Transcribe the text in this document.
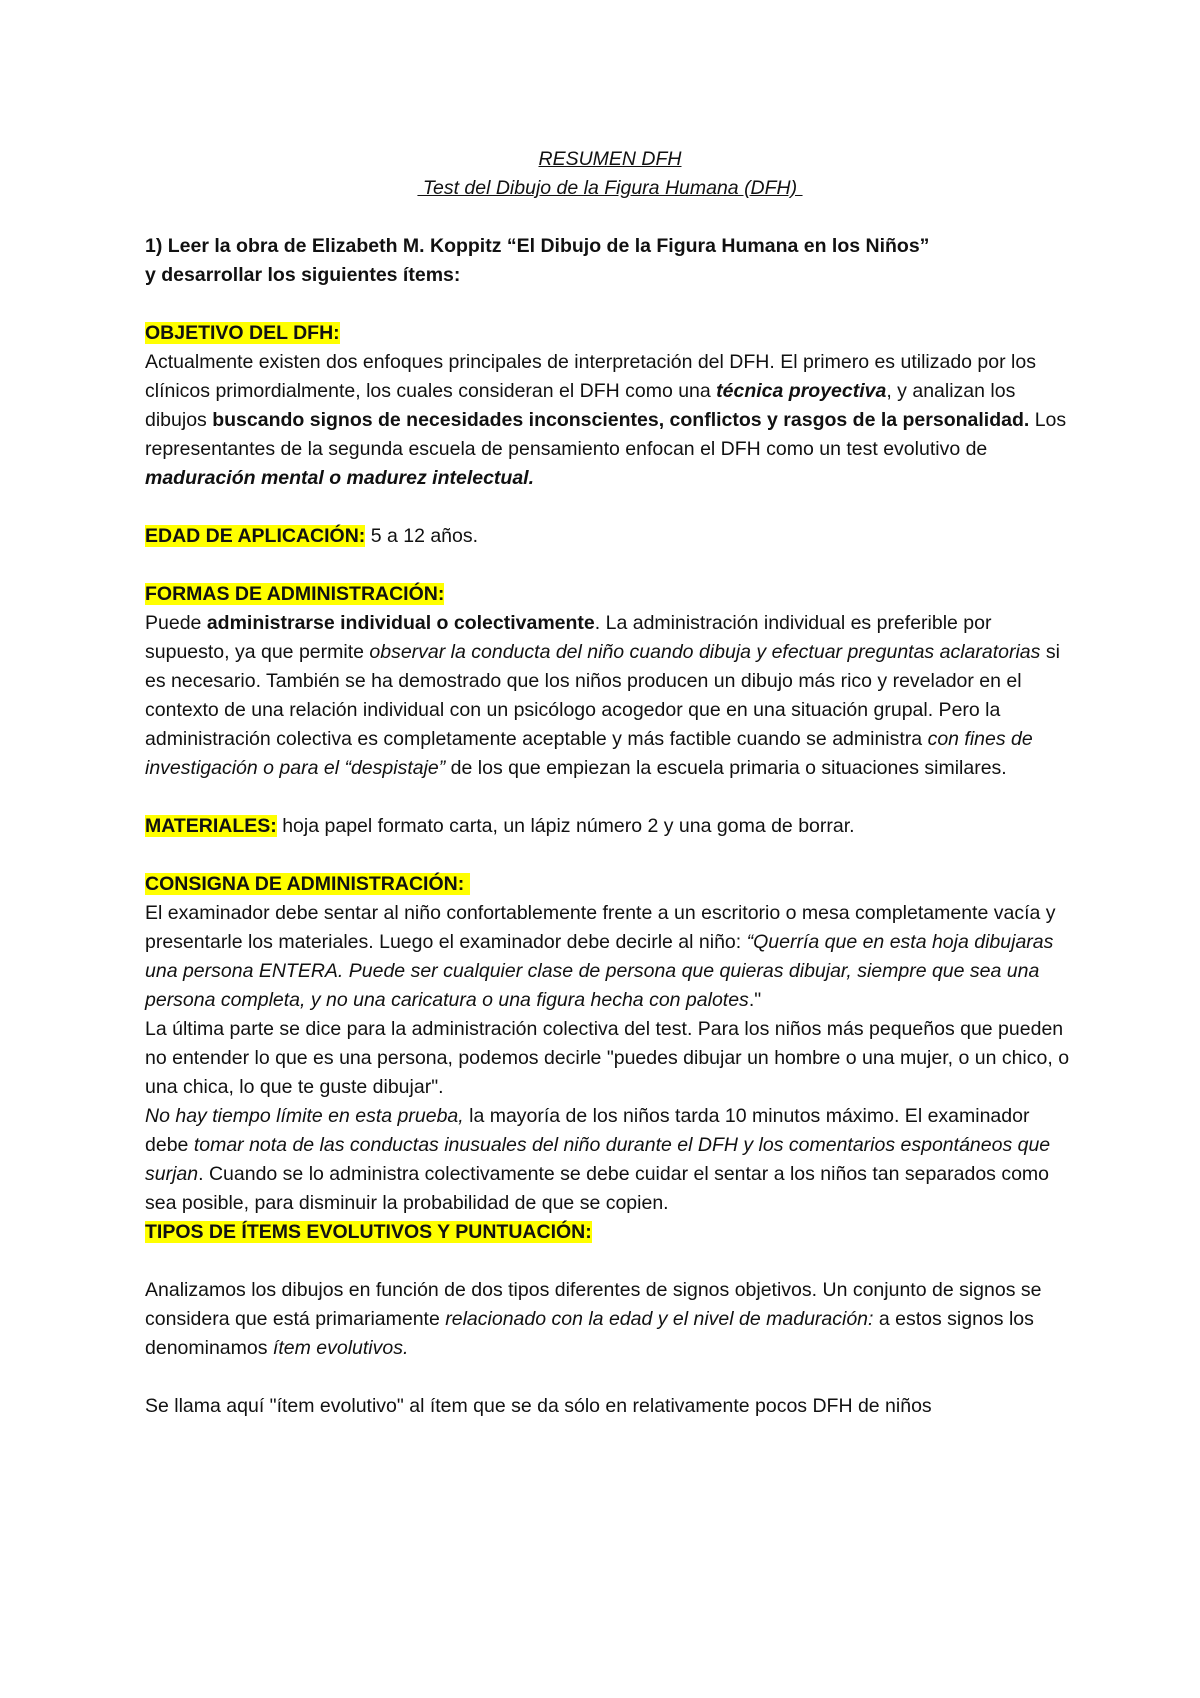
RESUMEN DFH

Test del Dibujo de la Figura Humana (DFH)

1) Leer la obra de Elizabeth M. Koppitz “El Dibujo de la Figura Humana en los Niños”
y desarrollar los siguientes ítems:

OBJETIVO DEL DFH:

Actualmente existen dos enfoques principales de interpretación del DFH. El primero es utilizado por los clínicos primordialmente, los cuales consideran el DFH como una técnica proyectiva, y analizan los dibujos buscando signos de necesidades inconscientes, conflictos y rasgos de la personalidad. Los representantes de la segunda escuela de pensamiento enfocan el DFH como un test evolutivo de maduración mental o madurez intelectual.

EDAD DE APLICACIÓN: 5 a 12 años.

FORMAS DE ADMINISTRACIÓN:

Puede administrarse individual o colectivamente. La administración individual es preferible por supuesto, ya que permite observar la conducta del niño cuando dibuja y efectuar preguntas aclaratorias si es necesario. También se ha demostrado que los niños producen un dibujo más rico y revelador en el contexto de una relación individual con un psicólogo acogedor que en una situación grupal. Pero la administración colectiva es completamente aceptable y más factible cuando se administra con fines de investigación o para el “despistaje” de los que empiezan la escuela primaria o situaciones similares.

MATERIALES: hoja papel formato carta, un lápiz número 2 y una goma de borrar.

CONSIGNA DE ADMINISTRACIÓN:

El examinador debe sentar al niño confortablemente frente a un escritorio o mesa completamente vacía y presentarle los materiales. Luego el examinador debe decirle al niño: “Querría que en esta hoja dibujaras una persona ENTERA. Puede ser cualquier clase de persona que quieras dibujar, siempre que sea una persona completa, y no una caricatura o una figura hecha con palotes."

La última parte se dice para la administración colectiva del test. Para los niños más pequeños que pueden no entender lo que es una persona, podemos decirle "puedes dibujar un hombre o una mujer, o un chico, o una chica, lo que te guste dibujar".

No hay tiempo límite en esta prueba, la mayoría de los niños tarda 10 minutos máximo. El examinador debe tomar nota de las conductas inusuales del niño durante el DFH y los comentarios espontáneos que surjan. Cuando se lo administra colectivamente se debe cuidar el sentar a los niños tan separados como sea posible, para disminuir la probabilidad de que se copien.

TIPOS DE ÍTEMS EVOLUTIVOS Y PUNTUACIÓN:

Analizamos los dibujos en función de dos tipos diferentes de signos objetivos. Un conjunto de signos se considera que está primariamente relacionado con la edad y el nivel de maduración: a estos signos los denominamos ítem evolutivos.

Se llama aquí "ítem evolutivo" al ítem que se da sólo en relativamente pocos DFH de niños
